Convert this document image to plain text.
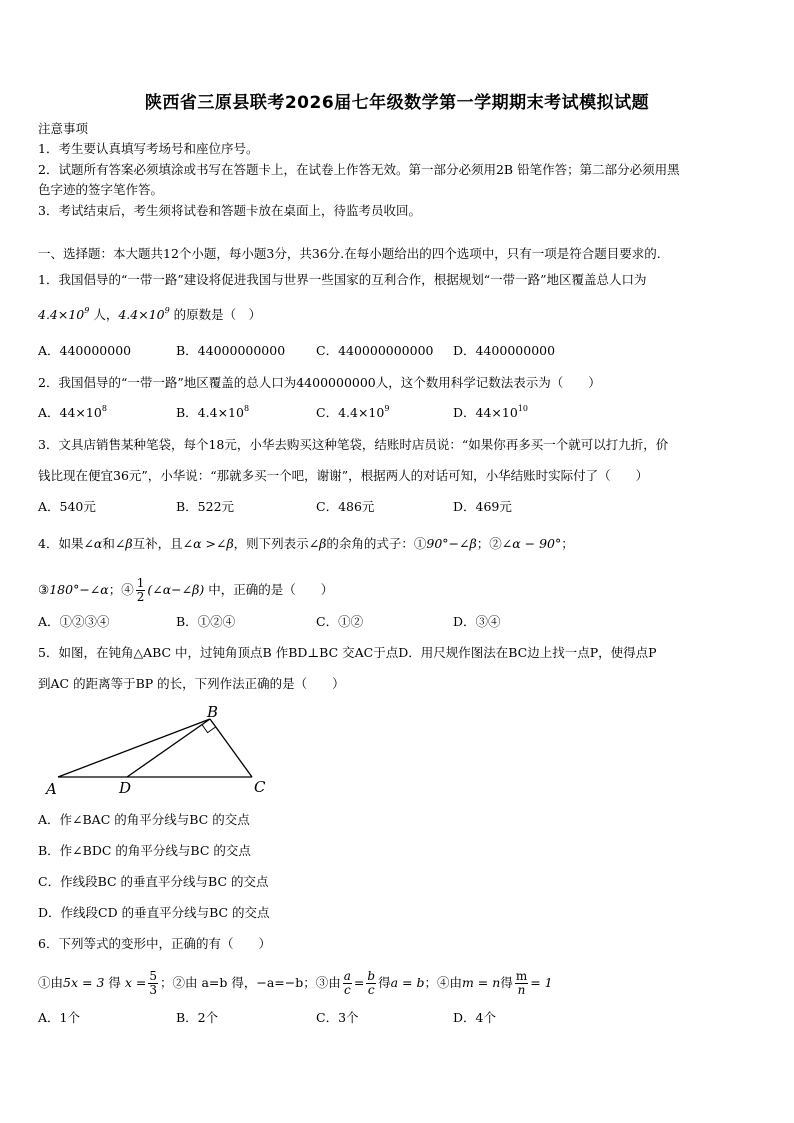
陕西省三原县联考2026届七年级数学第一学期期末考试模拟试题
注意事项
1．考生要认真填写考场号和座位序号。
2．试题所有答案必须填涂或书写在答题卡上，在试卷上作答无效。第一部分必须用2B 铅笔作答；第二部分必须用黑
色字迹的签字笔作答。
3．考试结束后，考生须将试卷和答题卡放在桌面上，待监考员收回。
一、选择题：本大题共12个小题，每小题3分，共36分.在每小题给出的四个选项中，只有一项是符合题目要求的.
1．我国倡导的“一带一路”建设将促进我国与世界一些国家的互利合作，根据规划“一带一路”地区覆盖总人口为
$4.4\times 10^9$ 人，$4.4\times 10^9$ 的原数是（　）
A．440000000	B．44000000000 C．440000000000 D．4400000000
2．我国倡导的“一带一路”地区覆盖的总人口为4400000000人，这个数用科学记数法表示为（　　）
A．$44\times 10^8$	B．$4.4\times 10^8$	C．$4.4\times 10^9$	D．$44\times 10^{10}$
3．文具店销售某种笔袋，每个18元，小华去购买这种笔袋，结账时店员说：“如果你再多买一个就可以打九折，价
钱比现在便宜36元”，小华说：“那就多买一个吧，谢谢”，根据两人的对话可知，小华结账时实际付了（　　）
A．540元	B．522元	C．486元	D．469元
4．如果∠α和∠β互补，且∠α >∠β，则下列表示∠β的余角的式子：①90°−∠β；②∠α − 90°；
③180°−∠α；④ $\frac{1}{2}$ (∠α−∠β) 中，正确的是（　　）
A．①②③④	B．①②④	C．①②	D．③④
5．如图，在钝角△ABC 中，过钝角顶点B 作BD⊥BC 交AC于点D．用尺规作图法在BC边上找一点P，使得点P
到AC 的距离等于BP 的长，下列作法正确的是（　　）
B
A	D	C
A．作∠BAC 的角平分线与BC 的交点
B．作∠BDC 的角平分线与BC 的交点
C．作线段BC 的垂直平分线与BC 的交点
D．作线段CD 的垂直平分线与BC 的交点
6．下列等式的变形中，正确的有（　　）
①由5x = 3 得 $x = \frac{5}{3}$ ；②由 a=b 得，−a=−b；③由 $\frac{a}{c} = \frac{b}{c}$ 得a = b；④由m = n得 $\frac{m}{n} = 1$
A．1个	B．2个	C．3个	D．4个
